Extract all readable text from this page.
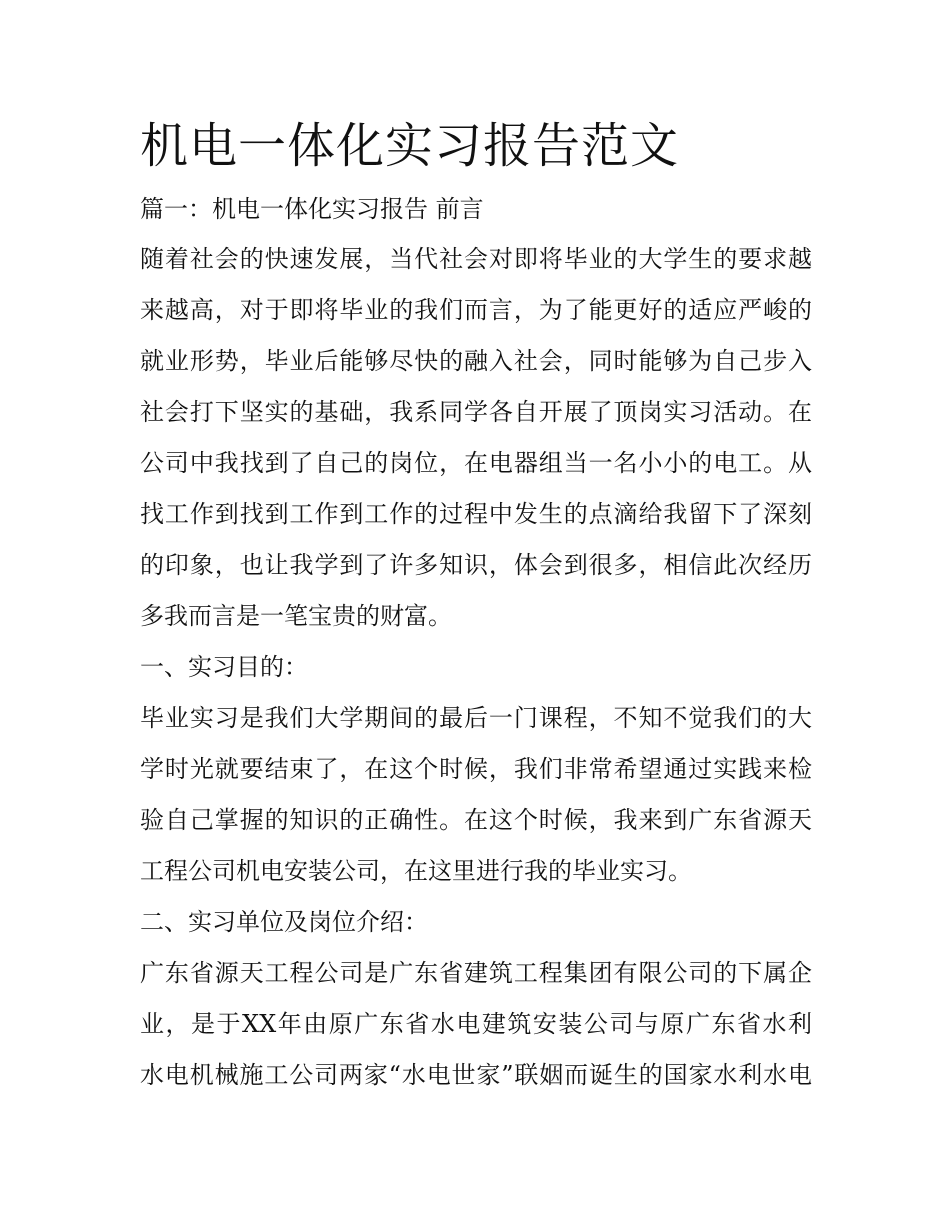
机电一体化实习报告范文
篇一：机电一体化实习报告 前言
随着社会的快速发展，当代社会对即将毕业的大学生的要求越
来越高，对于即将毕业的我们而言，为了能更好的适应严峻的
就业形势，毕业后能够尽快的融入社会，同时能够为自己步入
社会打下坚实的基础，我系同学各自开展了顶岗实习活动。在
公司中我找到了自己的岗位，在电器组当一名小小的电工。从
找工作到找到工作到工作的过程中发生的点滴给我留下了深刻
的印象，也让我学到了许多知识，体会到很多，相信此次经历
多我而言是一笔宝贵的财富。
一、实习目的：
毕业实习是我们大学期间的最后一门课程，不知不觉我们的大
学时光就要结束了，在这个时候，我们非常希望通过实践来检
验自己掌握的知识的正确性。在这个时候，我来到广东省源天
工程公司机电安装公司，在这里进行我的毕业实习。
二、实习单位及岗位介绍：
广东省源天工程公司是广东省建筑工程集团有限公司的下属企
业，是于XX年由原广东省水电建筑安装公司与原广东省水利
水电机械施工公司两家“水电世家”联姻而诞生的国家水利水电
